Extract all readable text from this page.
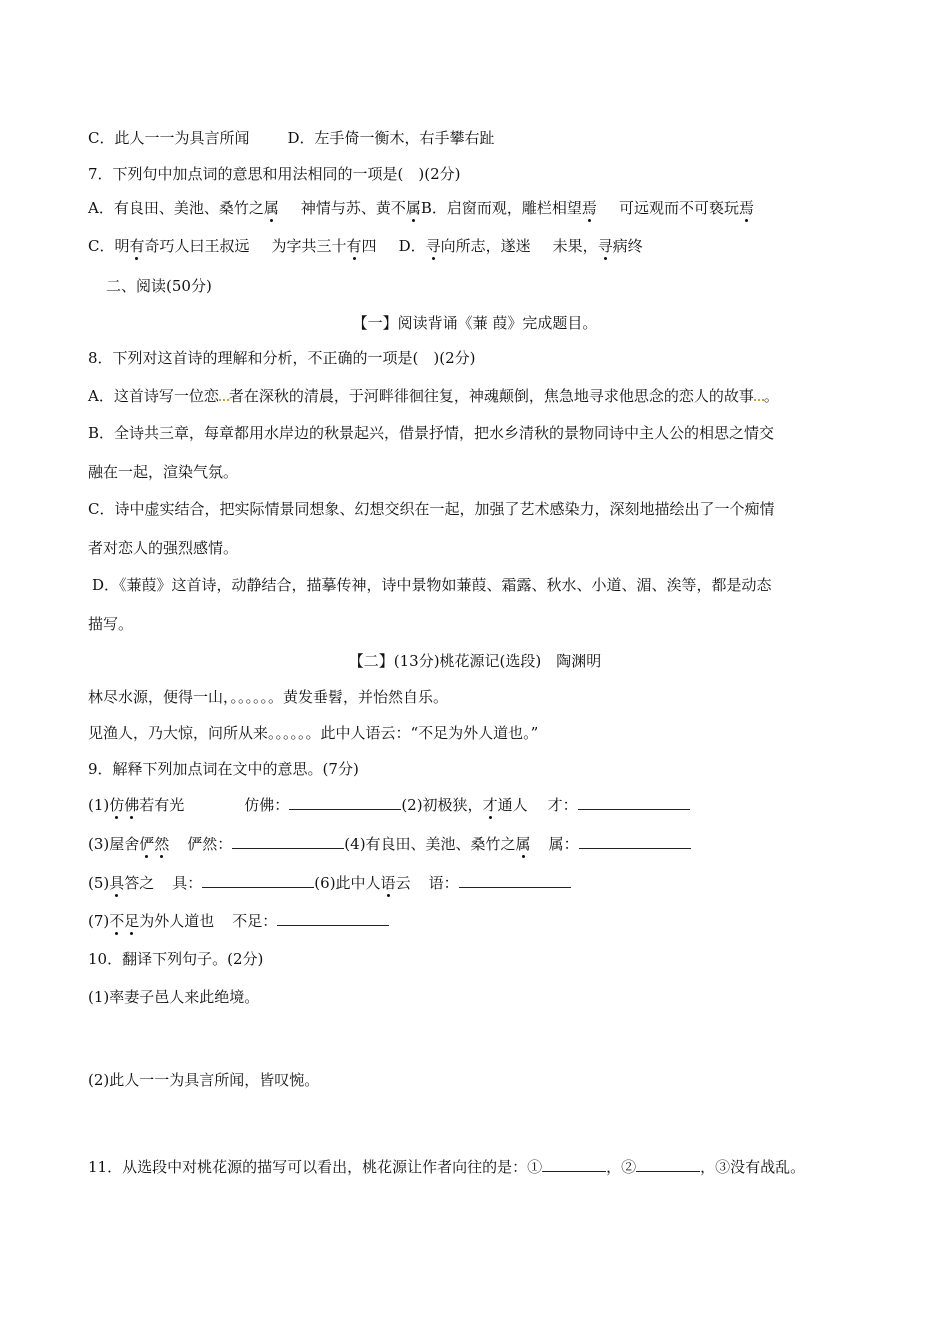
C．此人一一为具言所闻	D．左手倚一衡木，右手攀右趾
7．下列句中加点词的意思和用法相同的一项是(　)(2分)
A．有良田、美池、桑竹之属 神情与苏、黄不属B．启窗而观，雕栏相望焉 可远观而不可亵玩焉
C．明有奇巧人曰王叔远 为字共三十有四 D．寻向所志，遂迷 未果，寻病终
二、阅读(50分)
【一】阅读背诵《蒹 葭》完成题目。
8．下列对这首诗的理解和分析，不正确的一项是(　)(2分)
A．这首诗写一位恋 者在深秋的清晨，于河畔徘徊往复，神魂颠倒，焦急地寻求他思念的恋人的故事 。
B．全诗共三章，每章都用水岸边的秋景起兴，借景抒情，把水乡清秋的景物同诗中主人公的相思之情交
融在一起，渲染气氛。
C．诗中虚实结合，把实际情景同想象、幻想交织在一起，加强了艺术感染力，深刻地描绘出了一个痴情
者对恋人的强烈感情。
D．《蒹葭》这首诗，动静结合，描摹传神，诗中景物如蒹葭、霜露、秋水、小道、湄、涘等，都是动态
描写。
【二】(13分)桃花源记(选段)　陶渊明
林尽水源，便得一山，。。。。。。黄发垂髫，并怡然自乐。
见渔人，乃大惊，问所从来。。。。。。此中人语云：“不足为外人道也。”
9．解释下列加点词在文中的意思。(7分)
(1)仿佛若有光	仿佛：	(2)初极狭，才通人 才：
(3)屋舍俨然 俨然：	(4)有良田、美池、桑竹之属 属：
(5)具答之 具：	(6)此中人语云 语：
(7)不足为外人道也 不足：
10．翻译下列句子。(2分)
(1)率妻子邑人来此绝境。
(2)此人一一为具言所闻，皆叹惋。
11．从选段中对桃花源的描写可以看出，桃花源让作者向往的是：①	，②	，③没有战乱。
